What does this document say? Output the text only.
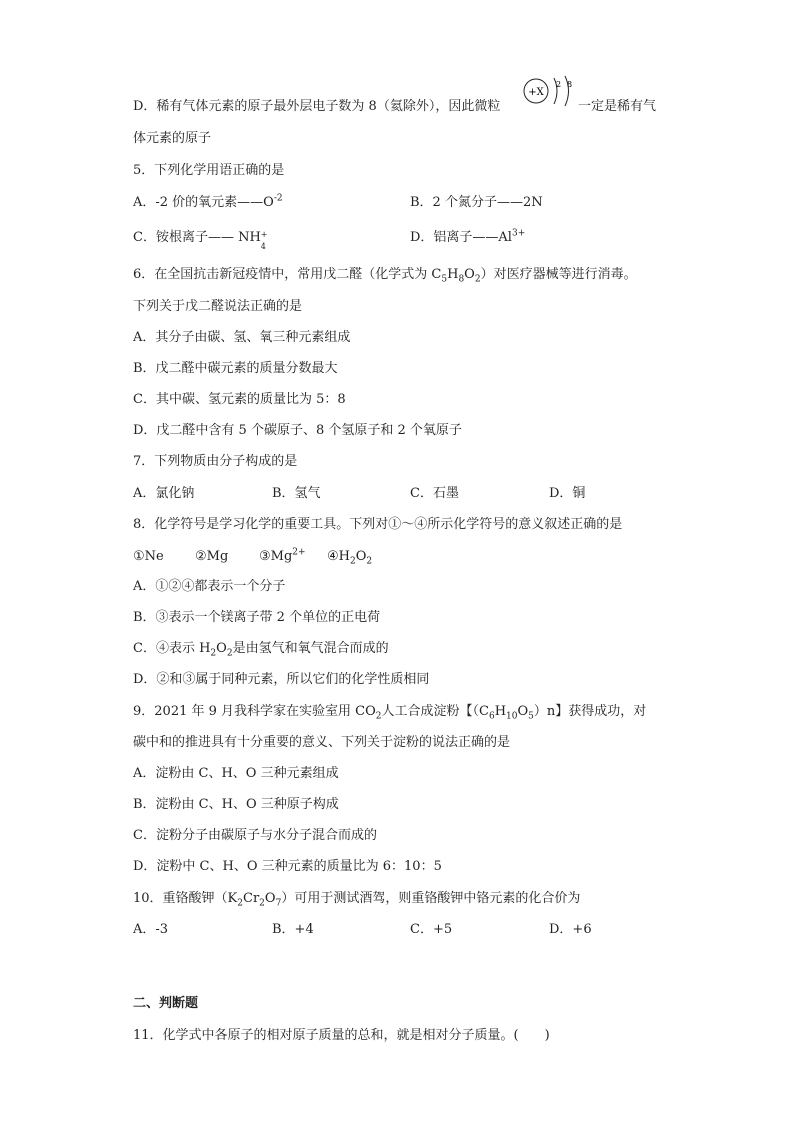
D．稀有气体元素的原子最外层电子数为 8（氦除外），因此微粒	一定是稀有气
+X
2 8
体元素的原子
5．下列化学用语正确的是
A．-2 价的氧元素$——O^{-2}$	B．2 个氮分子——2N
C．铵根离子—— NH +
4
D．铝离子$——Al^{3+}$
6．在全国抗击新冠疫情中，常用戊二醛（化学式为 $C_5H_8O_2$）对医疗器械等进行消毒。
下列关于戊二醛说法正确的是
A．其分子由碳、氢、氧三种元素组成
B．戊二醛中碳元素的质量分数最大
C．其中碳、氢元素的质量比为 5：8
D．戊二醛中含有 5 个碳原子、8 个氢原子和 2 个氧原子
7．下列物质由分子构成的是
A．氯化钠	B．氢气	C．石墨	D．铜
8．化学符号是学习化学的重要工具。下列对①～④所示化学符号的意义叙述正确的是
①Ne ②Mg $③Mg^{2+}$ $④H_2O_2$
A．①②④都表示一个分子
B．③表示一个镁离子带 2 个单位的正电荷
C．④表示 $H_2O_2$是由氢气和氧气混合而成的
D．②和③属于同种元素，所以它们的化学性质相同
9．2021 年 9 月我科学家在实验室用 $CO_2$人工合成淀粉【$(C_6H_{10}O_5)n$】获得成功，对
碳中和的推进具有十分重要的意义、下列关于淀粉的说法正确的是
A．淀粉由 C、H、O 三种元素组成
B．淀粉由 C、H、O 三种原子构成
C．淀粉分子由碳原子与水分子混合而成的
D．淀粉中 C、H、O 三种元素的质量比为 6：10：5
10．重铬酸钾$(K_2Cr_2O_7)$可用于测试酒驾，则重铬酸钾中铬元素的化合价为
A．-3	B．+4	C．+5	D．+6
二、判断题
11．化学式中各原子的相对原子质量的总和，就是相对分子质量。(　　)
